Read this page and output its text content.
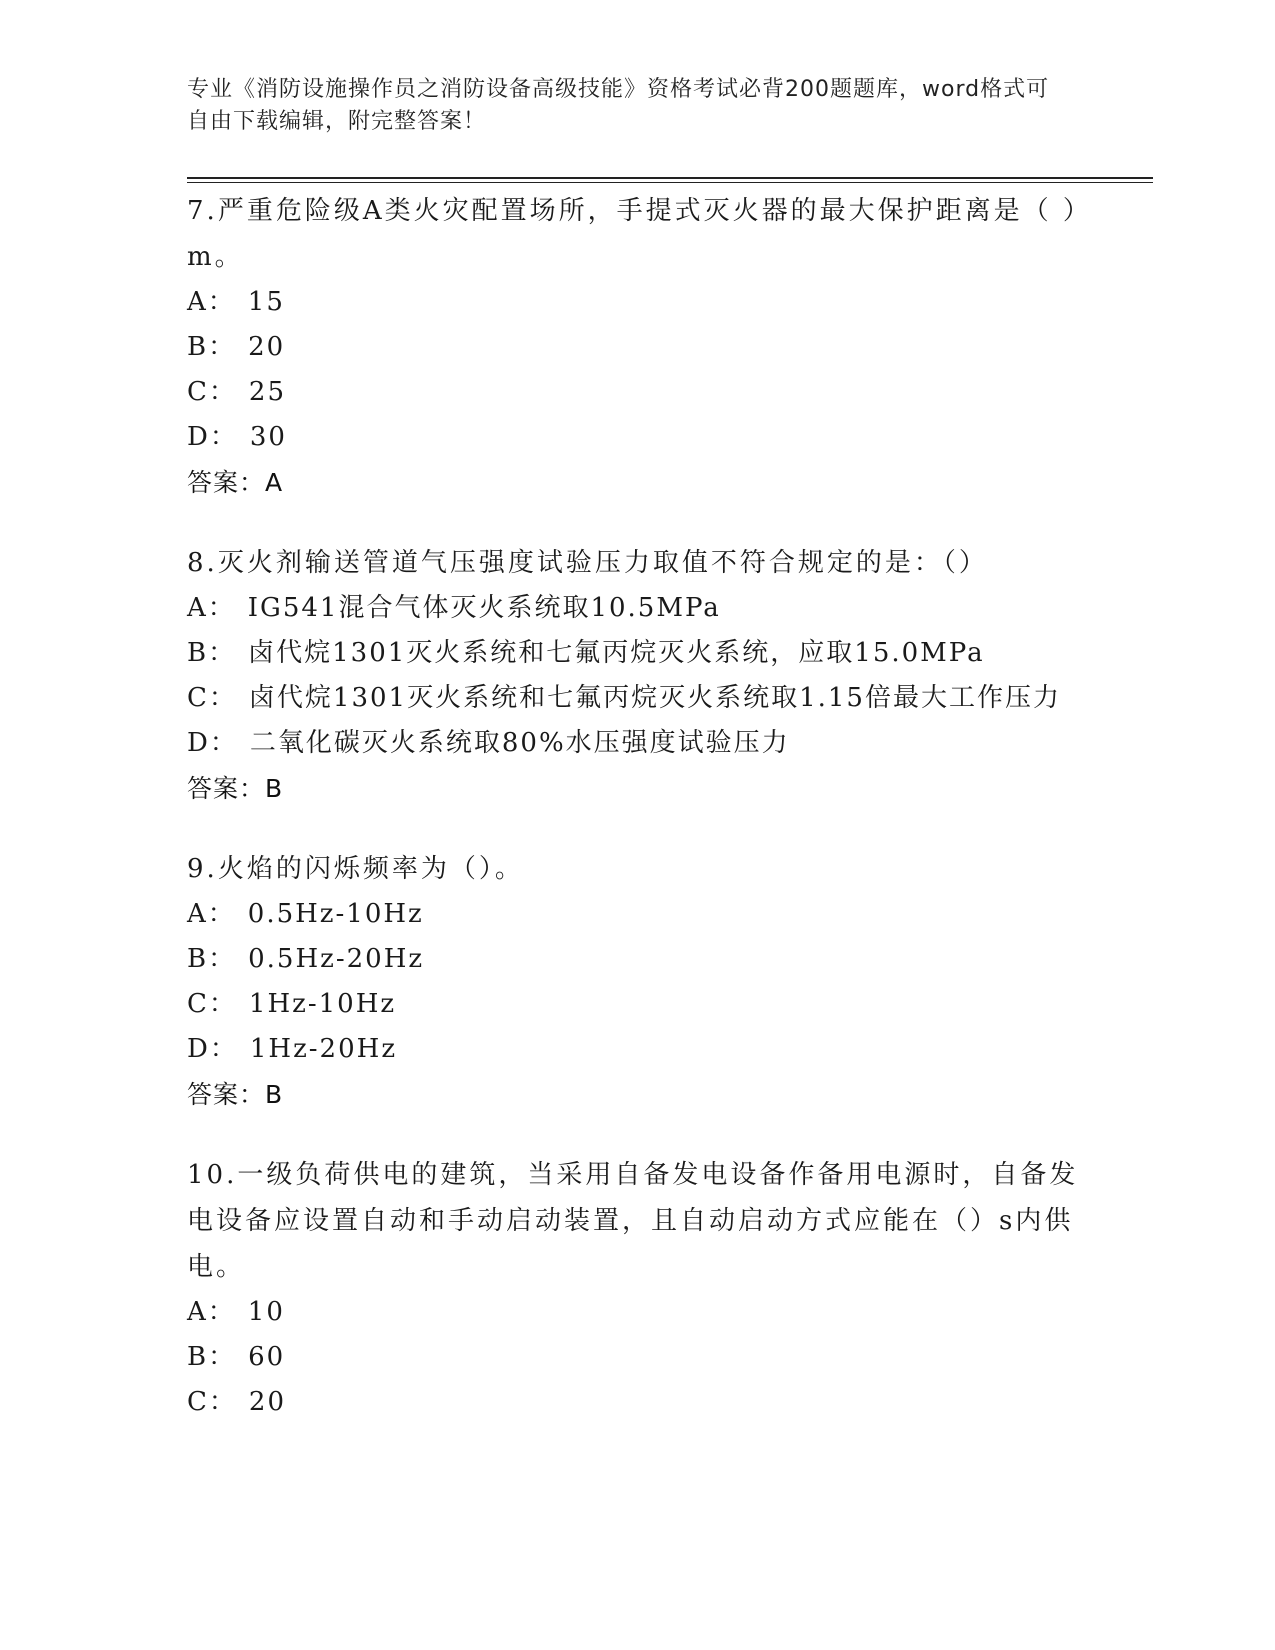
专业《消防设施操作员之消防设备高级技能》资格考试必背200题题库，word格式可自由下载编辑，附完整答案！

7.严重危险级A类火灾配置场所，手提式灭火器的最大保护距离是（ ）m。

A： 15

B： 20

C： 25

D： 30

答案：A

8.灭火剂输送管道气压强度试验压力取值不符合规定的是：（）

A： IG541混合气体灭火系统取10.5MPa

B： 卤代烷1301灭火系统和七氟丙烷灭火系统，应取15.0MPa

C： 卤代烷1301灭火系统和七氟丙烷灭火系统取1.15倍最大工作压力

D： 二氧化碳灭火系统取80%水压强度试验压力

答案：B

9.火焰的闪烁频率为（）。

A： 0.5Hz-10Hz

B： 0.5Hz-20Hz

C： 1Hz-10Hz

D： 1Hz-20Hz

答案：B

10.一级负荷供电的建筑，当采用自备发电设备作备用电源时，自备发电设备应设置自动和手动启动装置，且自动启动方式应能在（）s内供电。

A： 10

B： 60

C： 20
